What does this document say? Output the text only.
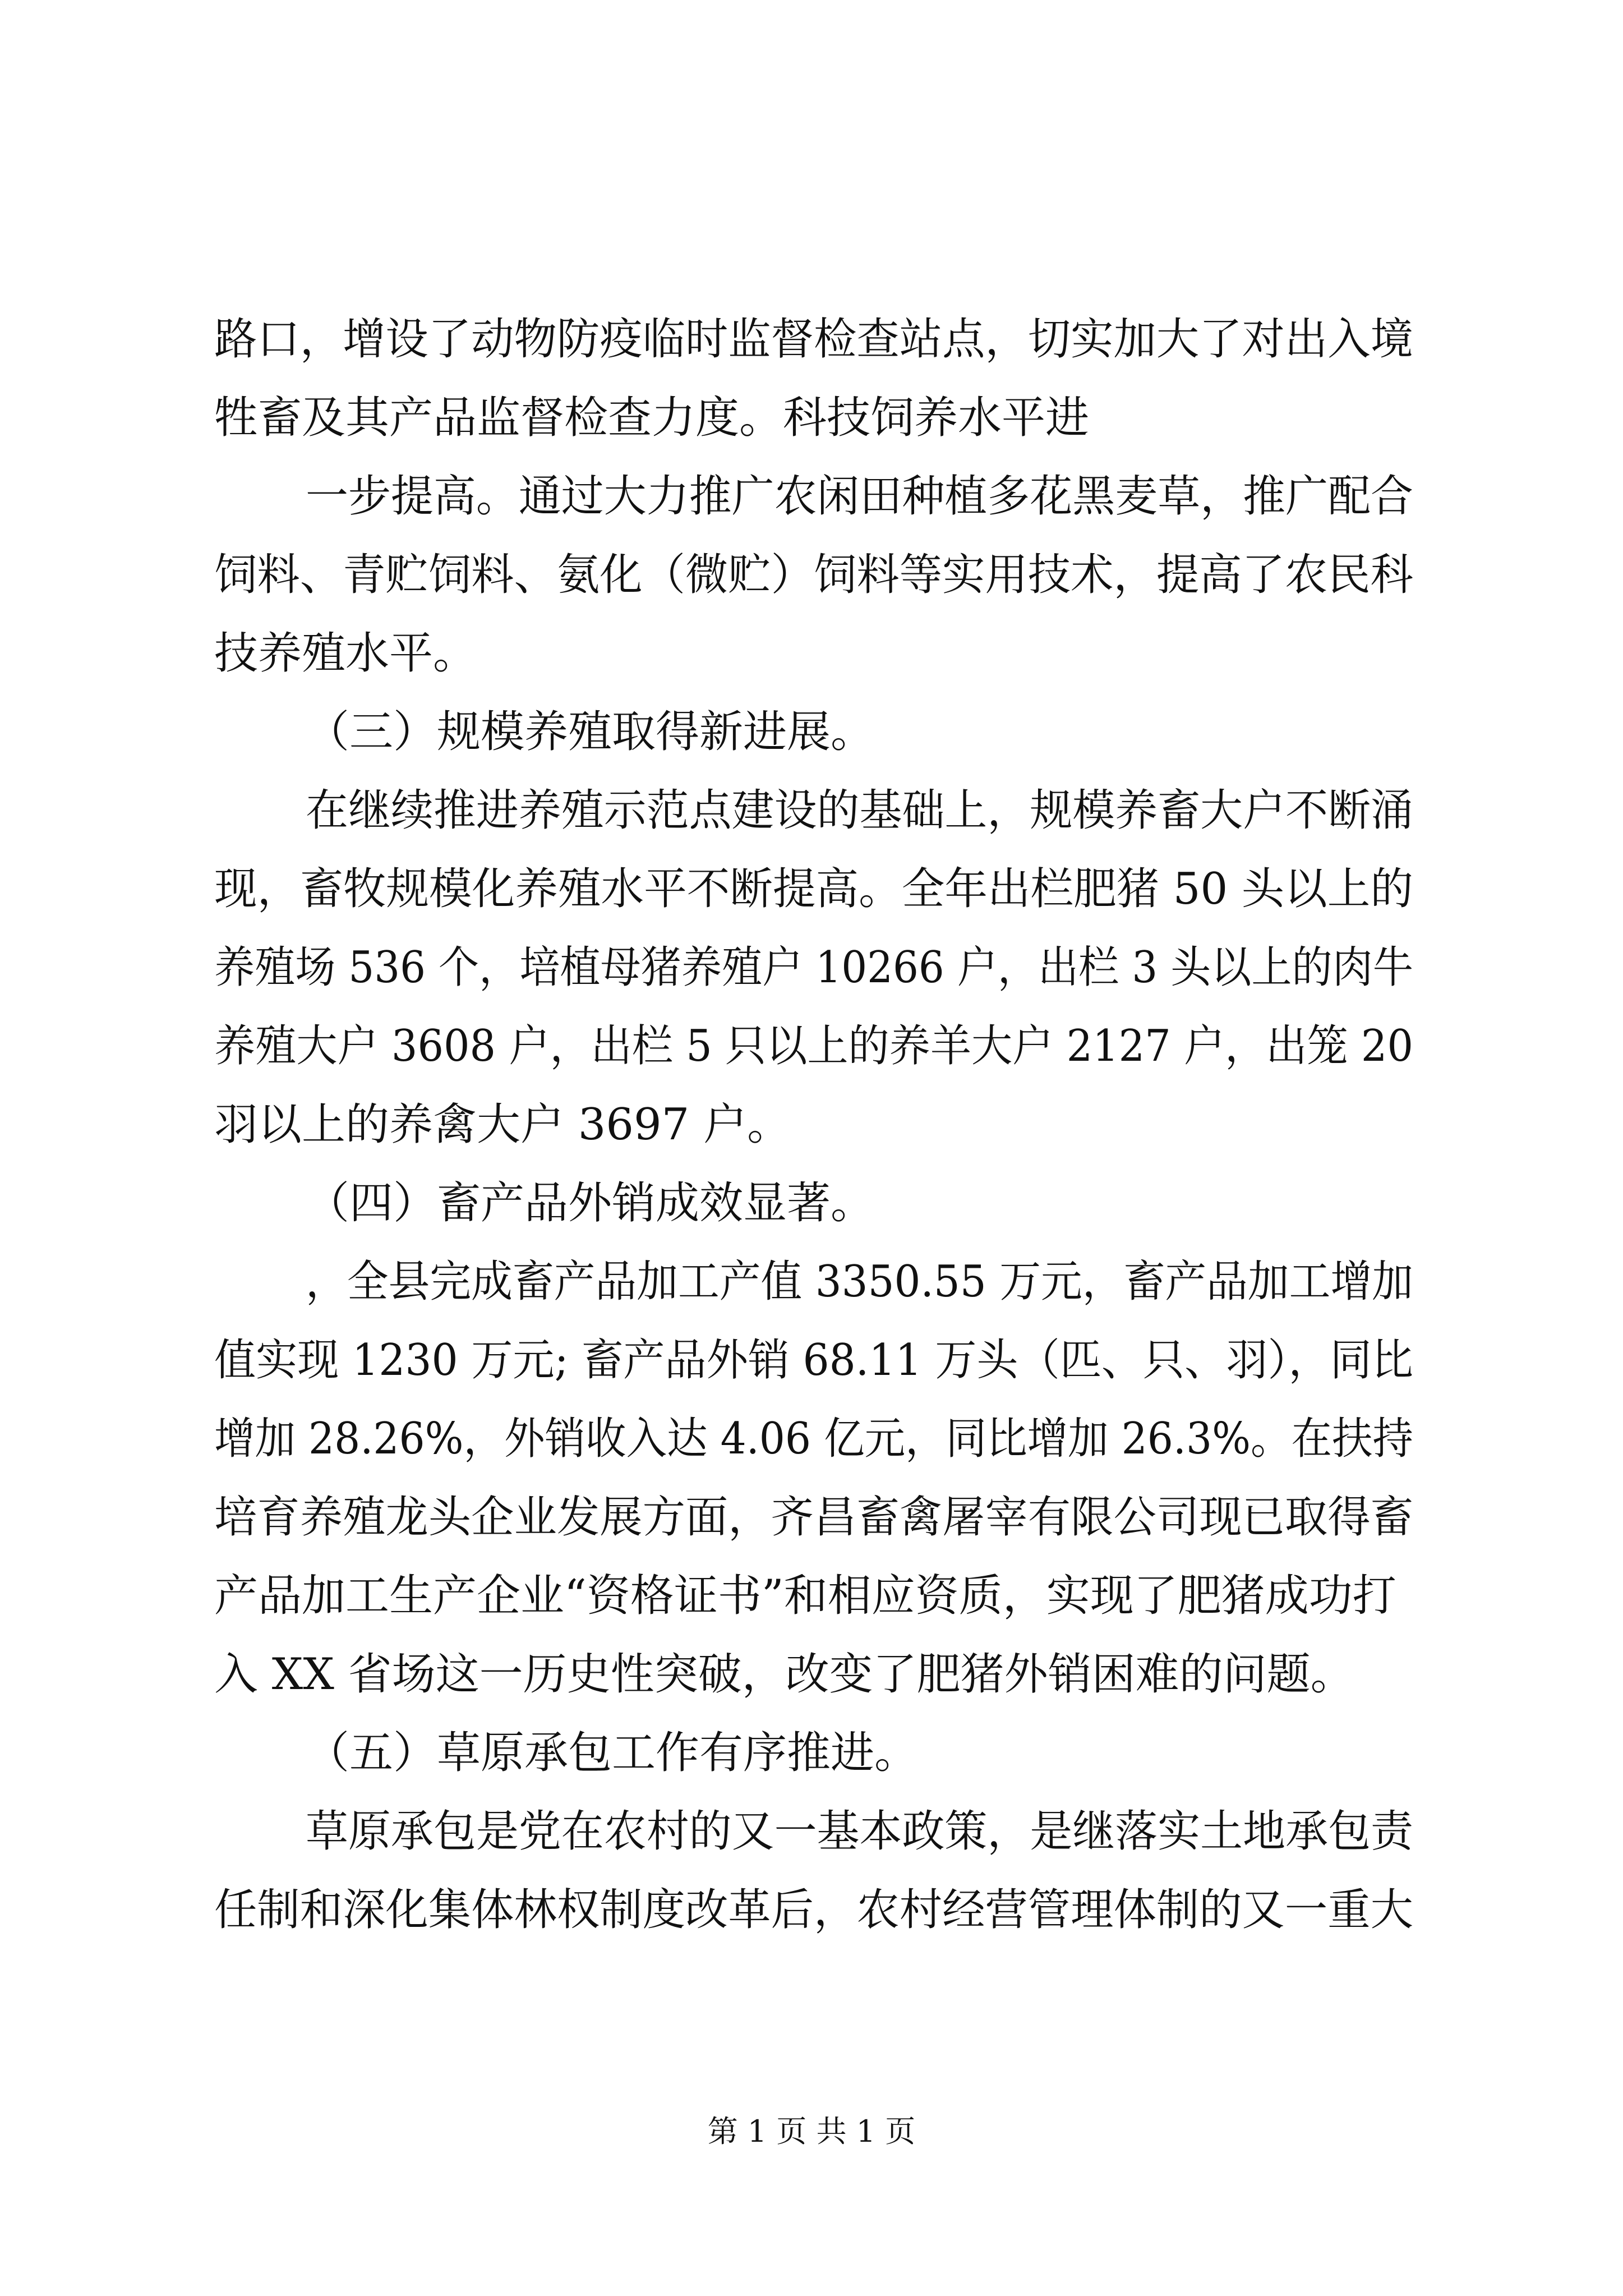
路口，增设了动物防疫临时监督检查站点，切实加大了对出入境
牲畜及其产品监督检查力度。科技饲养水平进
一步提高。通过大力推广农闲田种植多花黑麦草，推广配合
饲料、青贮饲料、氨化（微贮）饲料等实用技术，提高了农民科
技养殖水平。
（三）规模养殖取得新进展。
在继续推进养殖示范点建设的基础上，规模养畜大户不断涌
现，畜牧规模化养殖水平不断提高。全年出栏肥猪 50 头以上的
养殖场 536 个，培植母猪养殖户 10266 户，出栏 3 头以上的肉牛
养殖大户 3608 户，出栏 5 只以上的养羊大户 2127 户，出笼 20
羽以上的养禽大户 3697 户。
（四）畜产品外销成效显著。
，全县完成畜产品加工产值 3350.55 万元，畜产品加工增加
值实现 1230 万元; 畜产品外销 68.11 万头（匹、只、羽），同比
增加 28.26%，外销收入达 4.06 亿元，同比增加 26.3%。在扶持
培育养殖龙头企业发展方面，齐昌畜禽屠宰有限公司现已取得畜
产品加工生产企业“资格证书”和相应资质，实现了肥猪成功打
入 XX 省场这一历史性突破，改变了肥猪外销困难的问题。
（五）草原承包工作有序推进。
草原承包是党在农村的又一基本政策，是继落实土地承包责
任制和深化集体林权制度改革后，农村经营管理体制的又一重大
第 1 页 共 1 页
